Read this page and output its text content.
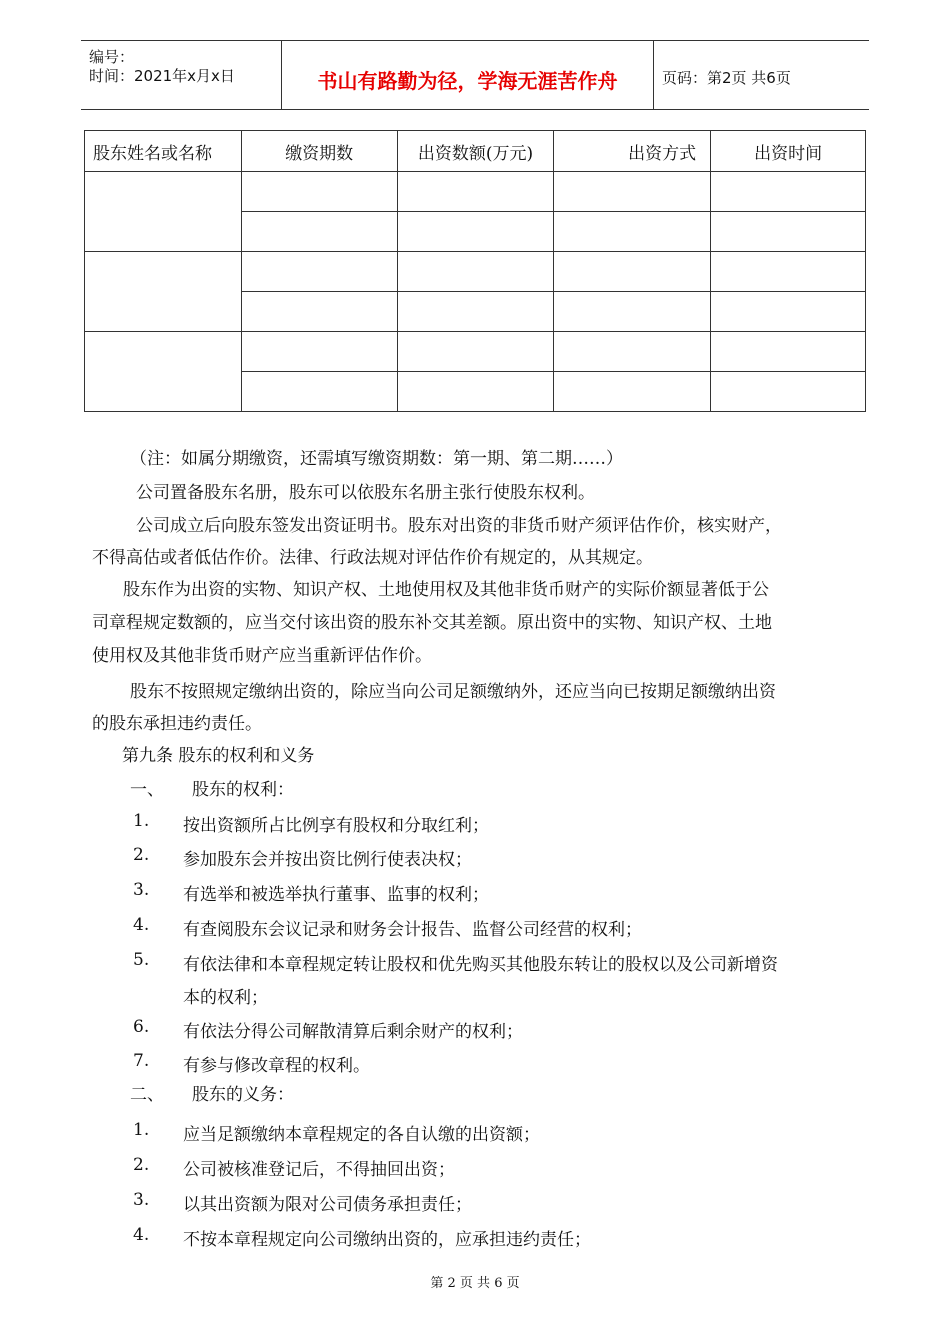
编号：
时间：2021年x月x日	书山有路勤为径，学海无涯苦作舟	页码：第2页 共6页
股东姓名或名称	缴资期数	出资数额(万元)	出资方式	出资时间

（注：如属分期缴资，还需填写缴资期数：第一期、第二期……）
公司置备股东名册，股东可以依股东名册主张行使股东权利。
公司成立后向股东签发出资证明书。股东对出资的非货币财产须评估作价，核实财产，
不得高估或者低估作价。法律、行政法规对评估作价有规定的，从其规定。
股东作为出资的实物、知识产权、土地使用权及其他非货币财产的实际价额显著低于公
司章程规定数额的，应当交付该出资的股东补交其差额。原出资中的实物、知识产权、土地
使用权及其他非货币财产应当重新评估作价。
股东不按照规定缴纳出资的，除应当向公司足额缴纳外，还应当向已按期足额缴纳出资
的股东承担违约责任。
第九条 股东的权利和义务
一、 股东的权利：
1. 按出资额所占比例享有股权和分取红利；
2. 参加股东会并按出资比例行使表决权；
3. 有选举和被选举执行董事、监事的权利；
4. 有查阅股东会议记录和财务会计报告、监督公司经营的权利；
5. 有依法律和本章程规定转让股权和优先购买其他股东转让的股权以及公司新增资
本的权利；
6. 有依法分得公司解散清算后剩余财产的权利；
7. 有参与修改章程的权利。
二、 股东的义务：
1. 应当足额缴纳本章程规定的各自认缴的出资额；
2. 公司被核准登记后，不得抽回出资；
3. 以其出资额为限对公司债务承担责任；
4. 不按本章程规定向公司缴纳出资的，应承担违约责任；
第 2 页 共 6 页
